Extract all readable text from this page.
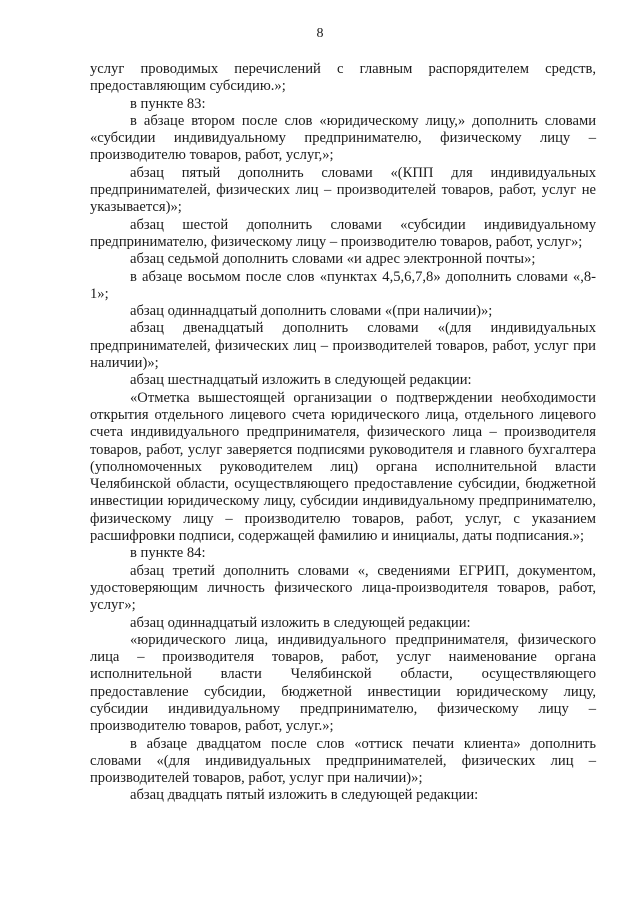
8

услуг проводимых перечислений с главным распорядителем средств, предоставляющим субсидию.»;

в пункте 83:

в абзаце втором после слов «юридическому лицу,» дополнить словами «субсидии индивидуальному предпринимателю, физическому лицу – производителю товаров, работ, услуг,»;

абзац пятый дополнить словами «(КПП для индивидуальных предпринимателей, физических лиц – производителей товаров, работ, услуг не указывается)»;

абзац шестой дополнить словами «субсидии индивидуальному предпринимателю, физическому лицу – производителю товаров, работ, услуг»;

абзац седьмой дополнить словами «и адрес электронной почты»;

в абзаце восьмом после слов «пунктах 4,5,6,7,8» дополнить словами «,8-1»;

абзац одиннадцатый дополнить словами «(при наличии)»;

абзац двенадцатый дополнить словами «(для индивидуальных предпринимателей, физических лиц – производителей товаров, работ, услуг при наличии)»;

абзац шестнадцатый изложить в следующей редакции:

«Отметка вышестоящей организации о подтверждении необходимости открытия отдельного лицевого счета юридического лица, отдельного лицевого счета индивидуального предпринимателя, физического лица – производителя товаров, работ, услуг заверяется подписями руководителя и главного бухгалтера (уполномоченных руководителем лиц) органа исполнительной власти Челябинской области, осуществляющего предоставление субсидии, бюджетной инвестиции юридическому лицу, субсидии индивидуальному предпринимателю, физическому лицу – производителю товаров, работ, услуг, с указанием расшифровки подписи, содержащей фамилию и инициалы, даты подписания.»;

в пункте 84:

абзац третий дополнить словами «, сведениями ЕГРИП, документом, удостоверяющим личность физического лица-производителя товаров, работ, услуг»;

абзац одиннадцатый изложить в следующей редакции:

«юридического лица, индивидуального предпринимателя, физического лица – производителя товаров, работ, услуг наименование органа исполнительной власти Челябинской области, осуществляющего предоставление субсидии, бюджетной инвестиции юридическому лицу, субсидии индивидуальному предпринимателю, физическому лицу – производителю товаров, работ, услуг.»;

в абзаце двадцатом после слов «оттиск печати клиента» дополнить словами «(для индивидуальных предпринимателей, физических лиц – производителей товаров, работ, услуг при наличии)»;

абзац двадцать пятый изложить в следующей редакции:
